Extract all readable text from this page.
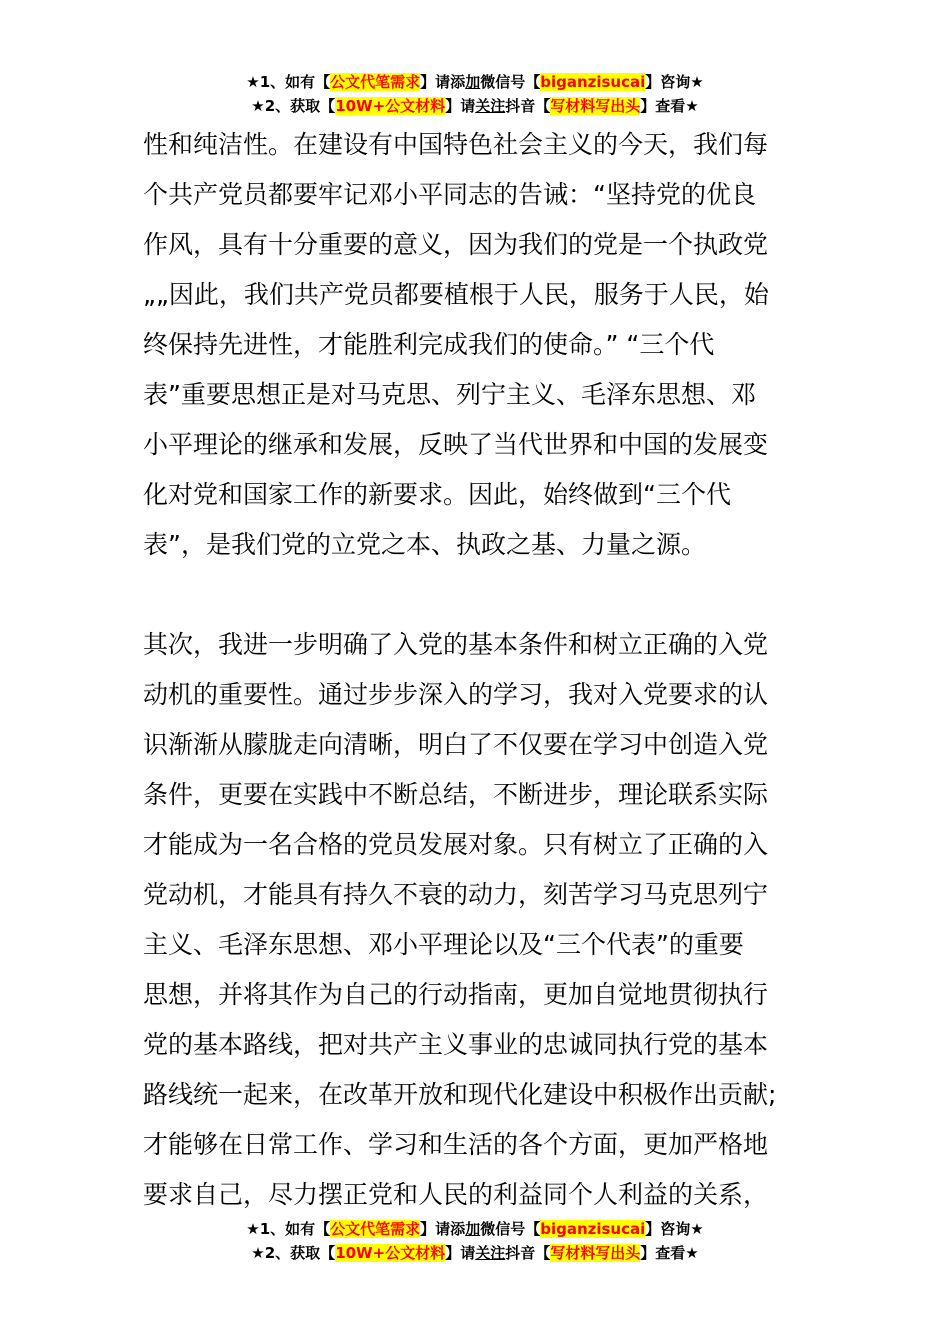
★1、如有【公文代笔需求】请添加微信号【biganzisucai】咨询★
★2、获取【10W+公文材料】请关注抖音【写材料写出头】查看★
性和纯洁性。在建设有中国特色社会主义的今天，我们每
个共产党员都要牢记邓小平同志的告诫：“坚持党的优良
作风，具有十分重要的意义，因为我们的党是一个执政党
„„因此，我们共产党员都要植根于人民，服务于人民，始
终保持先进性，才能胜利完成我们的使命。” “三个代
表”重要思想正是对马克思、列宁主义、毛泽东思想、邓
小平理论的继承和发展，反映了当代世界和中国的发展变
化对党和国家工作的新要求。因此，始终做到“三个代
表”，是我们党的立党之本、执政之基、力量之源。
其次，我进一步明确了入党的基本条件和树立正确的入党
动机的重要性。通过步步深入的学习，我对入党要求的认
识渐渐从朦胧走向清晰，明白了不仅要在学习中创造入党
条件，更要在实践中不断总结，不断进步，理论联系实际
才能成为一名合格的党员发展对象。只有树立了正确的入
党动机，才能具有持久不衰的动力，刻苦学习马克思列宁
主义、毛泽东思想、邓小平理论以及“三个代表”的重要
思想，并将其作为自己的行动指南，更加自觉地贯彻执行
党的基本路线，把对共产主义事业的忠诚同执行党的基本
路线统一起来，在改革开放和现代化建设中积极作出贡献;
才能够在日常工作、学习和生活的各个方面，更加严格地
要求自己，尽力摆正党和人民的利益同个人利益的关系，
★1、如有【公文代笔需求】请添加微信号【biganzisucai】咨询★
★2、获取【10W+公文材料】请关注抖音【写材料写出头】查看★
